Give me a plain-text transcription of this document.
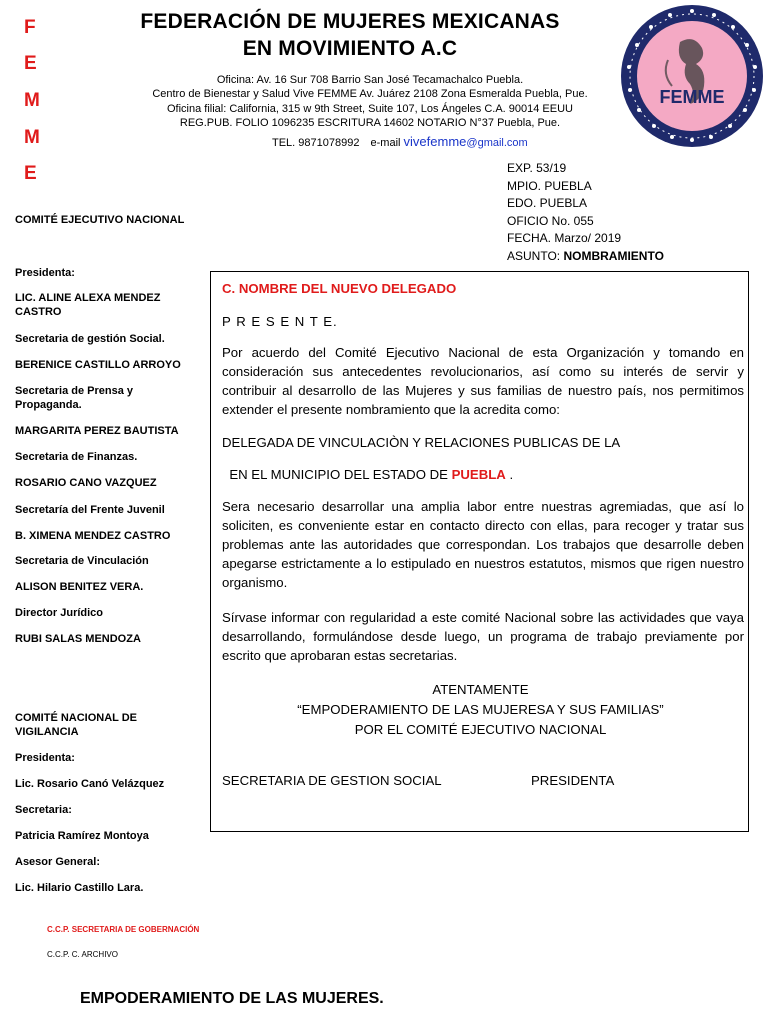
F
E
M
M
E
FEDERACIÓN DE MUJERES MEXICANAS
EN MOVIMIENTO A.C
Oficina: Av. 16 Sur 708 Barrio San José Tecamachalco Puebla.
Centro de Bienestar y Salud Vive FEMME Av. Juárez 2108 Zona Esmeralda Puebla, Pue.
Oficina filial: California, 315 w 9th Street, Suite 107, Los Ángeles C.A. 90014 EEUU
REG.PUB. FOLIO 1096235 ESCRITURA 14602 NOTARIO N°37 Puebla, Pue.
TEL. 9871078992 e-mail vivefemme@gmail.com
FEMME
EXP. 53/19
MPIO. PUEBLA
EDO. PUEBLA
OFICIO No. 055
FECHA. Marzo/ 2019
ASUNTO: NOMBRAMIENTO
COMITÉ EJECUTIVO NACIONAL
Presidenta:
LIC. ALINE ALEXA MENDEZ CASTRO
Secretaria de gestión Social.
BERENICE CASTILLO ARROYO
Secretaria de Prensa y Propaganda.
MARGARITA PEREZ BAUTISTA
Secretaria de Finanzas.
ROSARIO CANO VAZQUEZ
Secretaría del Frente Juvenil
B. XIMENA MENDEZ CASTRO
Secretaria de Vinculación
ALISON BENITEZ VERA.
Director Jurídico
RUBI SALAS MENDOZA
COMITÉ NACIONAL DE VIGILANCIA
Presidenta:
Lic. Rosario Canó Velázquez
Secretaria:
Patricia Ramírez Montoya
Asesor General:
Lic. Hilario Castillo Lara.
C. NOMBRE DEL NUEVO DELEGADO
P R E S E N T E.
Por acuerdo del Comité Ejecutivo Nacional de esta Organización y tomando en consideración sus antecedentes revolucionarios, así como su interés de servir y contribuir al desarrollo de las Mujeres y sus familias de nuestro país, nos permitimos extender el presente nombramiento que la acredita como:
DELEGADA DE VINCULACIÒN Y RELACIONES PUBLICAS DE LA
EN EL MUNICIPIO DEL ESTADO DE PUEBLA .
Sera necesario desarrollar una amplia labor entre nuestras agremiadas, que así lo soliciten, es conveniente estar en contacto directo con ellas, para recoger y tratar sus problemas ante las autoridades que correspondan. Los trabajos que desarrolle deben apegarse estrictamente a lo estipulado en nuestros estatutos, mismos que rigen nuestro organismo.
Sírvase informar con regularidad a este comité Nacional sobre las actividades que vaya desarrollando, formulándose desde luego, un programa de trabajo previamente por escrito que aprobaran estas secretarias.
ATENTAMENTE
“EMPODERAMIENTO DE LAS MUJERESA Y SUS FAMILIAS”
POR EL COMITÉ EJECUTIVO NACIONAL
SECRETARIA DE GESTION SOCIAL	PRESIDENTA
C.C.P. SECRETARIA DE GOBERNACIÓN
C.C.P. C. ARCHIVO
EMPODERAMIENTO DE LAS MUJERES.
